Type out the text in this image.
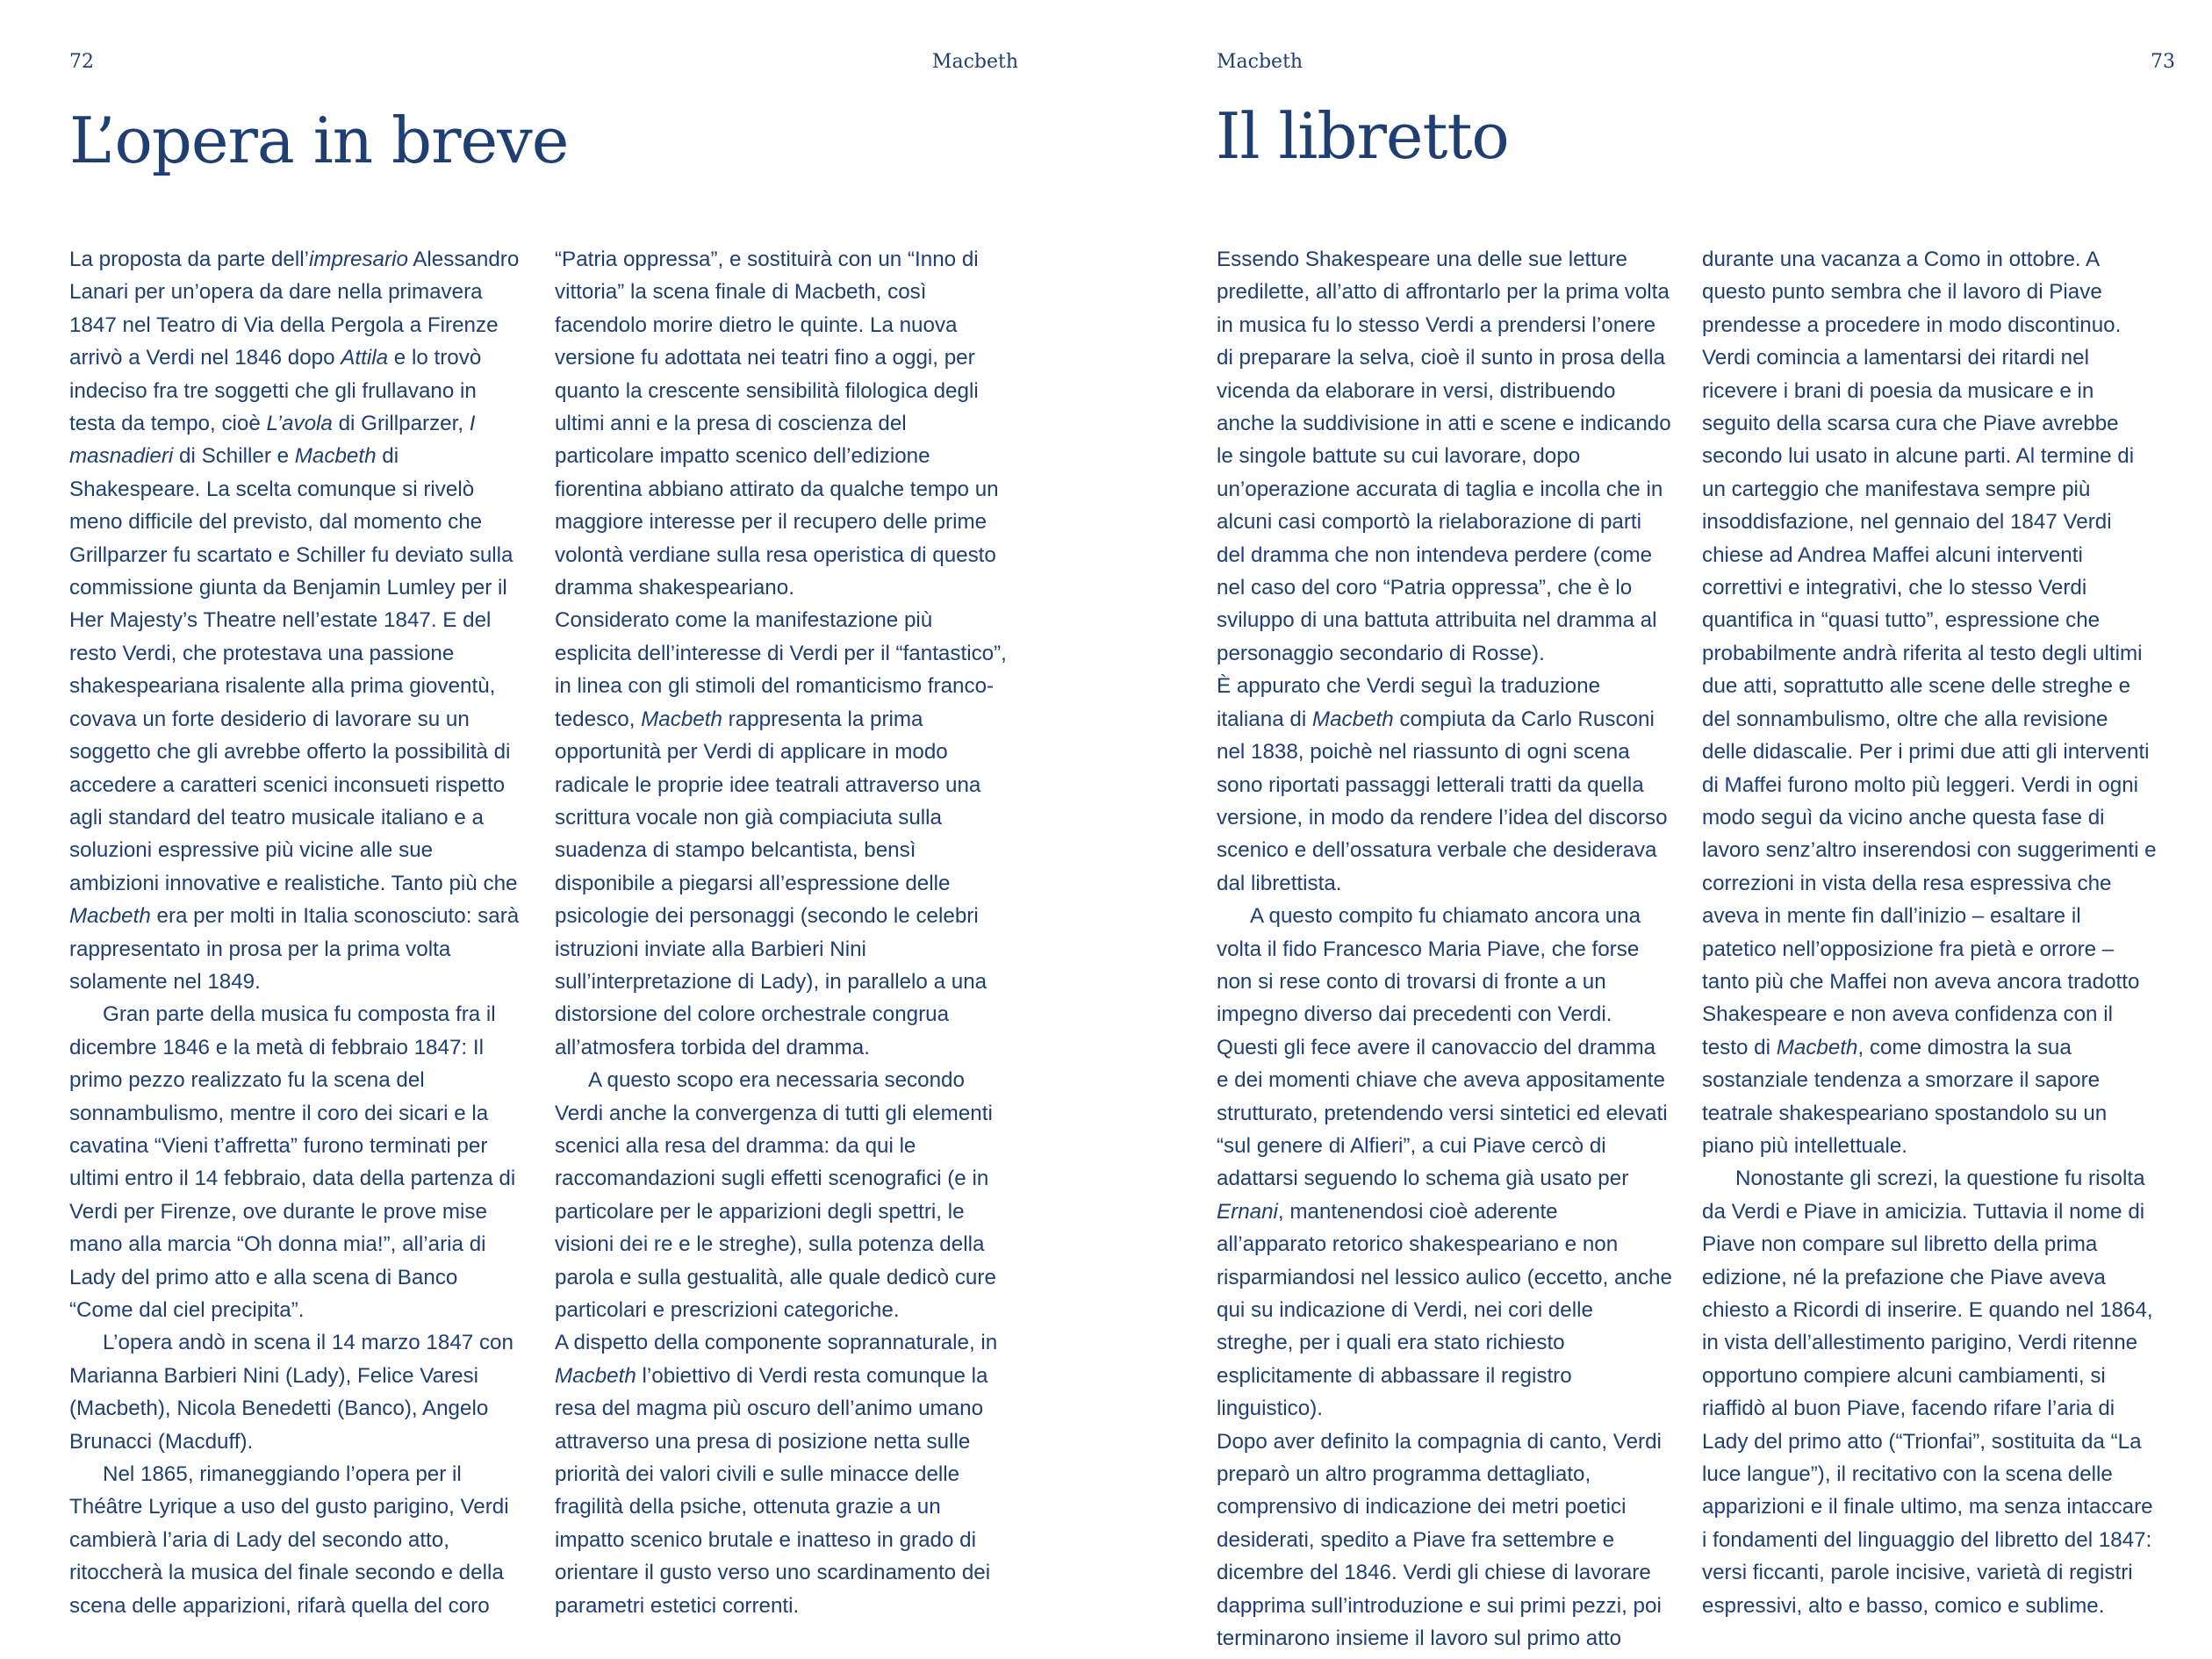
72	Macbeth
L’opera in breve

La proposta da parte dell’impresario Alessandro Lanari per un’opera da dare nella primavera 1847 nel Teatro di Via della Pergola a Firenze arrivò a Verdi nel 1846 dopo Attila e lo trovò indeciso fra tre soggetti che gli frullavano in testa da tempo, cioè L’avola di Grillparzer, I masnadieri di Schiller e Macbeth di Shakespeare. La scelta comunque si rivelò meno difficile del previsto, dal momento che Grillparzer fu scartato e Schiller fu deviato sulla commissione giunta da Benjamin Lumley per il Her Majesty’s Theatre nell’estate 1847. E del resto Verdi, che protestava una passione shakespeariana risalente alla prima gioventù, covava un forte desiderio di lavorare su un soggetto che gli avrebbe offerto la possibilità di accedere a caratteri scenici inconsueti rispetto agli standard del teatro musicale italiano e a soluzioni espressive più vicine alle sue ambizioni innovative e realistiche. Tanto più che Macbeth era per molti in Italia sconosciuto: sarà rappresentato in prosa per la prima volta solamente nel 1849.

Gran parte della musica fu composta fra il dicembre 1846 e la metà di febbraio 1847: Il primo pezzo realizzato fu la scena del sonnambulismo, mentre il coro dei sicari e la cavatina “Vieni t’affretta” furono terminati per ultimi entro il 14 febbraio, data della partenza di Verdi per Firenze, ove durante le prove mise mano alla marcia “Oh donna mia!”, all’aria di Lady del primo atto e alla scena di Banco “Come dal ciel precipita”.

L’opera andò in scena il 14 marzo 1847 con Marianna Barbieri Nini (Lady), Felice Varesi (Macbeth), Nicola Benedetti (Banco), Angelo Brunacci (Macduff).

Nel 1865, rimaneggiando l’opera per il Théâtre Lyrique a uso del gusto parigino, Verdi cambierà l’aria di Lady del secondo atto, ritoccherà la musica del finale secondo e della scena delle apparizioni, rifarà quella del coro

“Patria oppressa”, e sostituirà con un “Inno di vittoria” la scena finale di Macbeth, così facendolo morire dietro le quinte. La nuova versione fu adottata nei teatri fino a oggi, per quanto la crescente sensibilità filologica degli ultimi anni e la presa di coscienza del particolare impatto scenico dell’edizione fiorentina abbiano attirato da qualche tempo un maggiore interesse per il recupero delle prime volontà verdiane sulla resa operistica di questo dramma shakespeariano.

Considerato come la manifestazione più esplicita dell’interesse di Verdi per il “fantastico”, in linea con gli stimoli del romanticismo franco-tedesco, Macbeth rappresenta la prima opportunità per Verdi di applicare in modo radicale le proprie idee teatrali attraverso una scrittura vocale non già compiaciuta sulla suadenza di stampo belcantista, bensì disponibile a piegarsi all’espressione delle psicologie dei personaggi (secondo le celebri istruzioni inviate alla Barbieri Nini sull’interpretazione di Lady), in parallelo a una distorsione del colore orchestrale congrua all’atmosfera torbida del dramma.

A questo scopo era necessaria secondo Verdi anche la convergenza di tutti gli elementi scenici alla resa del dramma: da qui le raccomandazioni sugli effetti scenografici (e in particolare per le apparizioni degli spettri, le visioni dei re e le streghe), sulla potenza della parola e sulla gestualità, alle quale dedicò cure particolari e prescrizioni categoriche.

A dispetto della componente soprannaturale, in Macbeth l’obiettivo di Verdi resta comunque la resa del magma più oscuro dell’animo umano attraverso una presa di posizione netta sulle priorità dei valori civili e sulle minacce delle fragilità della psiche, ottenuta grazie a un impatto scenico brutale e inatteso in grado di orientare il gusto verso uno scardinamento dei parametri estetici correnti.

Macbeth	73
Il libretto

Essendo Shakespeare una delle sue letture predilette, all’atto di affrontarlo per la prima volta in musica fu lo stesso Verdi a prendersi l’onere di preparare la selva, cioè il sunto in prosa della vicenda da elaborare in versi, distribuendo anche la suddivisione in atti e scene e indicando le singole battute su cui lavorare, dopo un’operazione accurata di taglia e incolla che in alcuni casi comportò la rielaborazione di parti del dramma che non intendeva perdere (come nel caso del coro “Patria oppressa”, che è lo sviluppo di una battuta attribuita nel dramma al personaggio secondario di Rosse).

È appurato che Verdi seguì la traduzione italiana di Macbeth compiuta da Carlo Rusconi nel 1838, poichè nel riassunto di ogni scena sono riportati passaggi letterali tratti da quella versione, in modo da rendere l’idea del discorso scenico e dell’ossatura verbale che desiderava dal librettista.

A questo compito fu chiamato ancora una volta il fido Francesco Maria Piave, che forse non si rese conto di trovarsi di fronte a un impegno diverso dai precedenti con Verdi. Questi gli fece avere il canovaccio del dramma e dei momenti chiave che aveva appositamente strutturato, pretendendo versi sintetici ed elevati “sul genere di Alfieri”, a cui Piave cercò di adattarsi seguendo lo schema già usato per Ernani, mantenendosi cioè aderente all’apparato retorico shakespeariano e non risparmiandosi nel lessico aulico (eccetto, anche qui su indicazione di Verdi, nei cori delle streghe, per i quali era stato richiesto esplicitamente di abbassare il registro linguistico).

Dopo aver definito la compagnia di canto, Verdi preparò un altro programma dettagliato, comprensivo di indicazione dei metri poetici desiderati, spedito a Piave fra settembre e dicembre del 1846. Verdi gli chiese di lavorare dapprima sull’introduzione e sui primi pezzi, poi terminarono insieme il lavoro sul primo atto

durante una vacanza a Como in ottobre. A questo punto sembra che il lavoro di Piave prendesse a procedere in modo discontinuo. Verdi comincia a lamentarsi dei ritardi nel ricevere i brani di poesia da musicare e in seguito della scarsa cura che Piave avrebbe secondo lui usato in alcune parti. Al termine di un carteggio che manifestava sempre più insoddisfazione, nel gennaio del 1847 Verdi chiese ad Andrea Maffei alcuni interventi correttivi e integrativi, che lo stesso Verdi quantifica in “quasi tutto”, espressione che probabilmente andrà riferita al testo degli ultimi due atti, soprattutto alle scene delle streghe e del sonnambulismo, oltre che alla revisione delle didascalie. Per i primi due atti gli interventi di Maffei furono molto più leggeri. Verdi in ogni modo seguì da vicino anche questa fase di lavoro senz’altro inserendosi con suggerimenti e correzioni in vista della resa espressiva che aveva in mente fin dall’inizio – esaltare il patetico nell’opposizione fra pietà e orrore – tanto più che Maffei non aveva ancora tradotto Shakespeare e non aveva confidenza con il testo di Macbeth, come dimostra la sua sostanziale tendenza a smorzare il sapore teatrale shakespeariano spostandolo su un piano più intellettuale.

Nonostante gli screzi, la questione fu risolta da Verdi e Piave in amicizia. Tuttavia il nome di Piave non compare sul libretto della prima edizione, né la prefazione che Piave aveva chiesto a Ricordi di inserire. E quando nel 1864, in vista dell’allestimento parigino, Verdi ritenne opportuno compiere alcuni cambiamenti, si riaffidò al buon Piave, facendo rifare l’aria di Lady del primo atto (“Trionfai”, sostituita da “La luce langue”), il recitativo con la scena delle apparizioni e il finale ultimo, ma senza intaccare i fondamenti del linguaggio del libretto del 1847: versi ficcanti, parole incisive, varietà di registri espressivi, alto e basso, comico e sublime.
